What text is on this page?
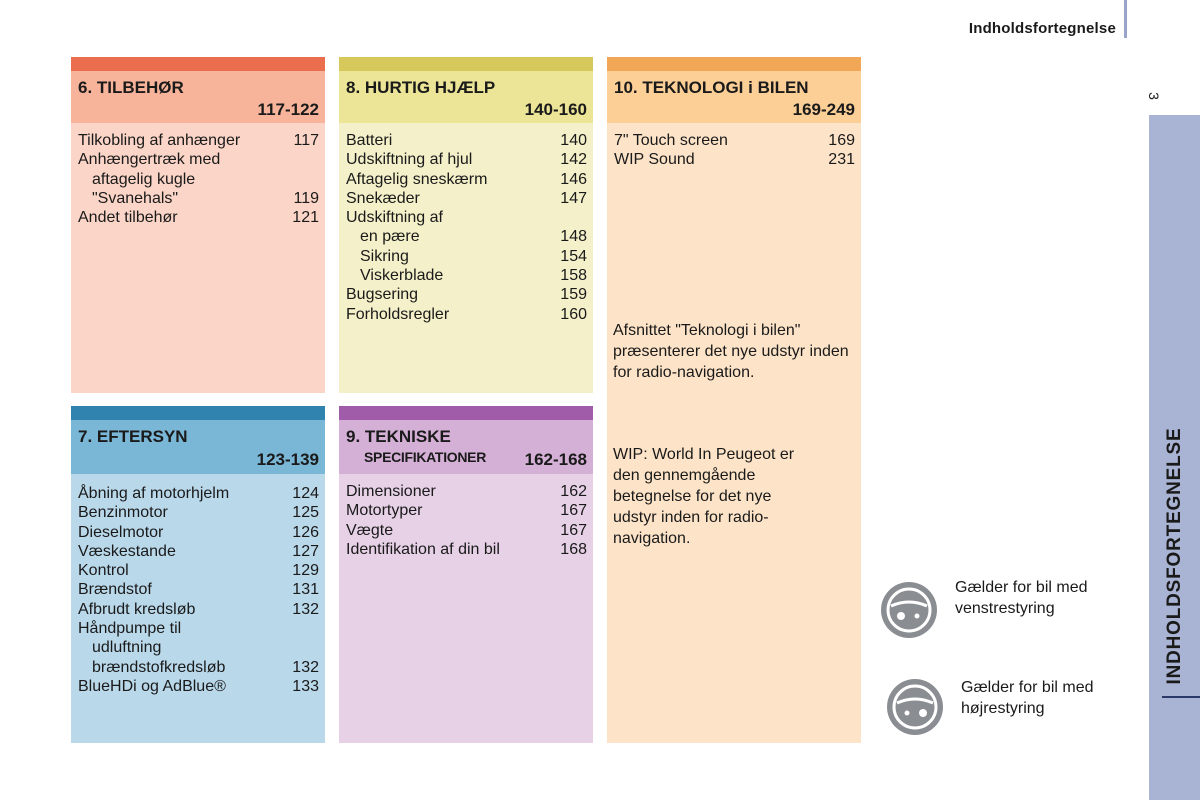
Indholdsfortegnelse
3
INDHOLDSFORTEGNELSE
6. TILBEHØR
117-122
Tilkobling af anhænger	117
Anhængertræk med
aftagelig kugle
"Svanehals"	119
Andet tilbehør	121
8. HURTIG HJÆLP
140-160
Batteri	140
Udskiftning af hjul	142
Aftagelig sneskærm	146
Snekæder	147
Udskiftning af
en pære	148
Sikring	154
Viskerblade	158
Bugsering	159
Forholdsregler	160
10. TEKNOLOGI i BILEN
169-249
7" Touch screen	169
WIP Sound	231
Afsnittet "Teknologi i bilen" præsenterer det nye udstyr inden for radio-navigation.
WIP: World In Peugeot er den gennemgående betegnelse for det nye udstyr inden for radio-navigation.
7. EFTERSYN
123-139
Åbning af motorhjelm	124
Benzinmotor	125
Dieselmotor	126
Væskestande	127
Kontrol	129
Brændstof	131
Afbrudt kredsløb	132
Håndpumpe til
udluftning
brændstofkredsløb	132
BlueHDi og AdBlue®	133
9. TEKNISKE
SPECIFIKATIONER 162-168
Dimensioner	162
Motortyper	167
Vægte	167
Identifikation af din bil	168
Gælder for bil med
venstrestyring
Gælder for bil med
højrestyring
